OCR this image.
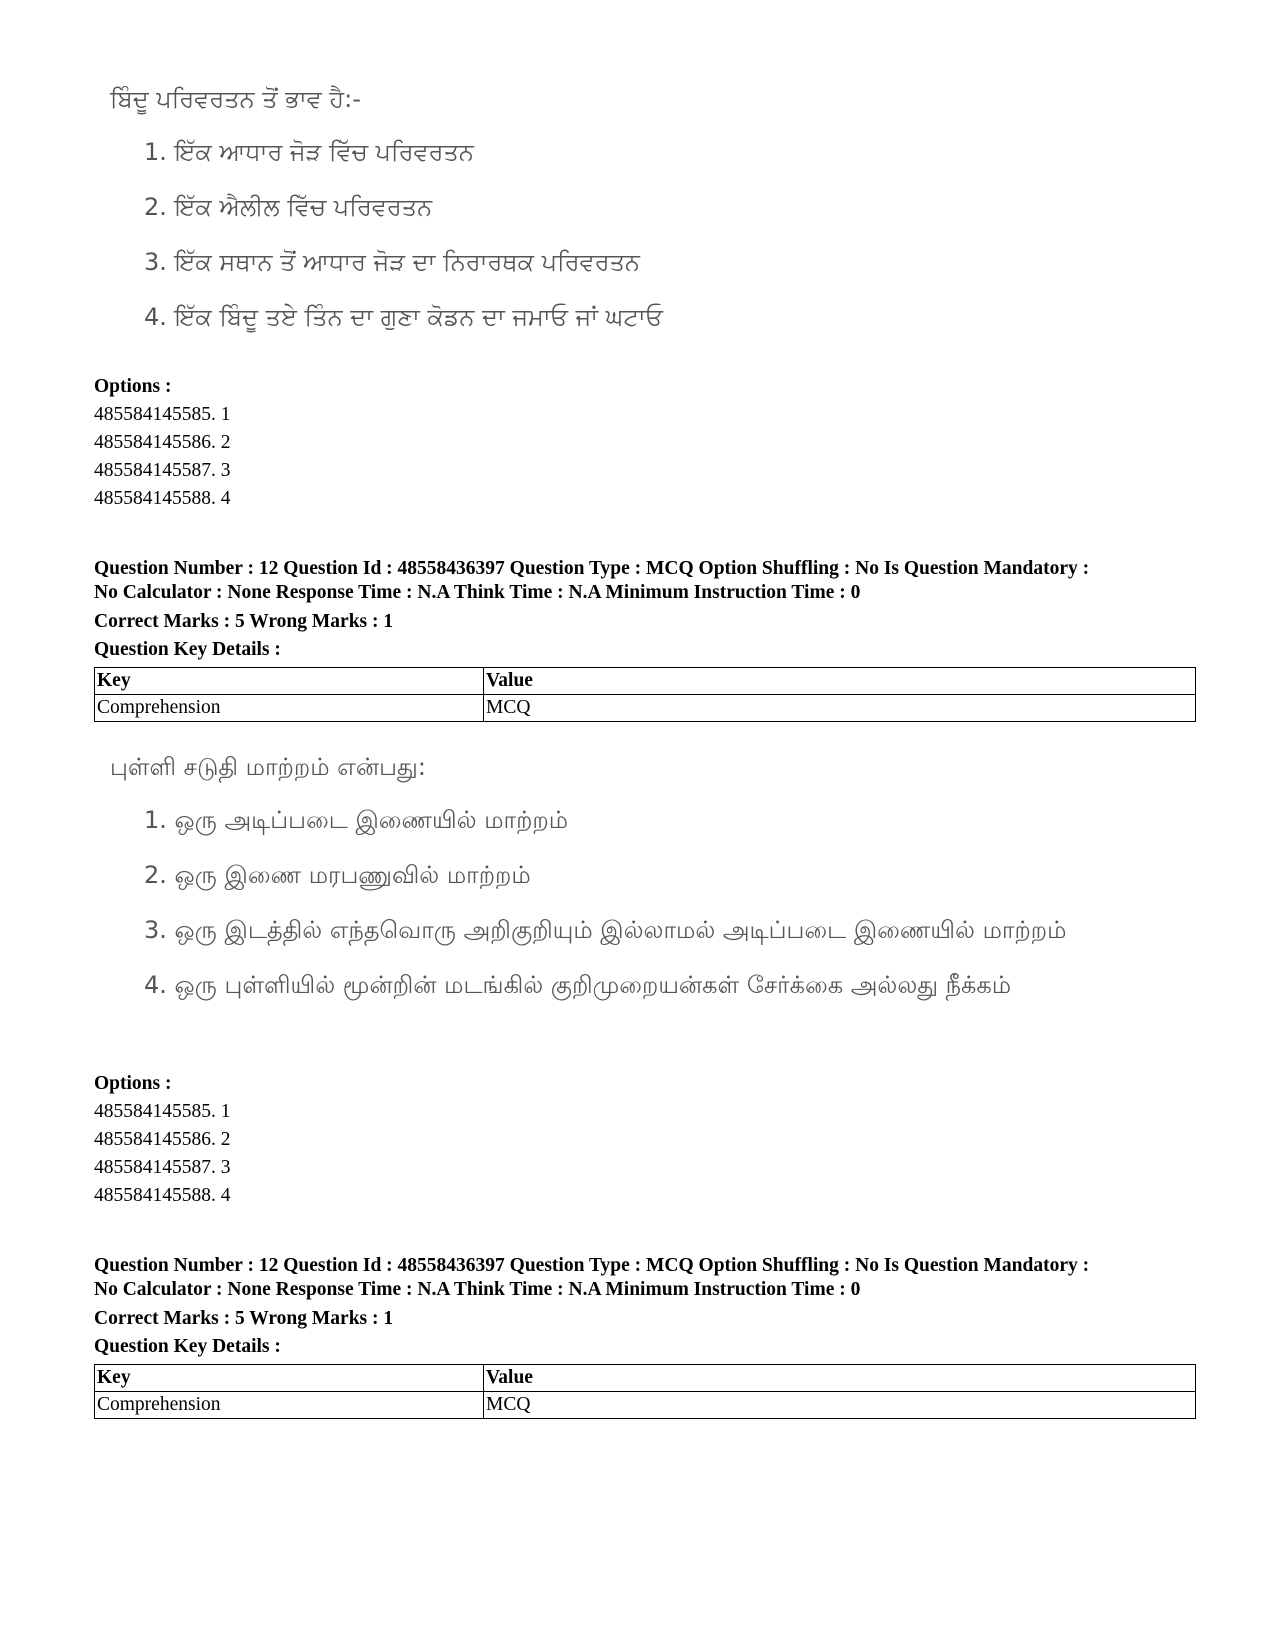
ਬਿੰਦੂ ਪਰਿਵਰਤਨ ਤੋਂ ਭਾਵ ਹੈ:-

1. ਇੱਕ ਆਧਾਰ ਜੋੜ ਵਿੱਚ ਪਰਿਵਰਤਨ

2. ਇੱਕ ਐਲੀਲ ਵਿੱਚ ਪਰਿਵਰਤਨ

3. ਇੱਕ ਸਥਾਨ ਤੋਂ ਆਧਾਰ ਜੋੜ ਦਾ ਨਿਰਾਰਥਕ ਪਰਿਵਰਤਨ

4. ਇੱਕ ਬਿੰਦੂ ਤਏ ਤਿੰਨ ਦਾ ਗੁਣਾ ਕੋਡਨ ਦਾ ਜਮਾਓ ਜਾਂ ਘਟਾਓ

Options :

485584145585. 1

485584145586. 2

485584145587. 3

485584145588. 4

Question Number : 12 Question Id : 48558436397 Question Type : MCQ Option Shuffling : No Is Question Mandatory :

No Calculator : None Response Time : N.A Think Time : N.A Minimum Instruction Time : 0

Correct Marks : 5 Wrong Marks : 1

Question Key Details :

Key	Value
Comprehension	MCQ

புள்ளி சடுதி மாற்றம் என்பது:

1. ஒரு அடிப்படை இணையில் மாற்றம்

2. ஒரு இணை மரபணுவில் மாற்றம்

3. ஒரு இடத்தில் எந்தவொரு அறிகுறியும் இல்லாமல் அடிப்படை இணையில் மாற்றம்

4. ஒரு புள்ளியில் மூன்றின் மடங்கில் குறிமுறையன்கள் சேர்க்கை அல்லது நீக்கம்

Options :

485584145585. 1

485584145586. 2

485584145587. 3

485584145588. 4

Question Number : 12 Question Id : 48558436397 Question Type : MCQ Option Shuffling : No Is Question Mandatory :

No Calculator : None Response Time : N.A Think Time : N.A Minimum Instruction Time : 0

Correct Marks : 5 Wrong Marks : 1

Question Key Details :

Key	Value
Comprehension	MCQ
